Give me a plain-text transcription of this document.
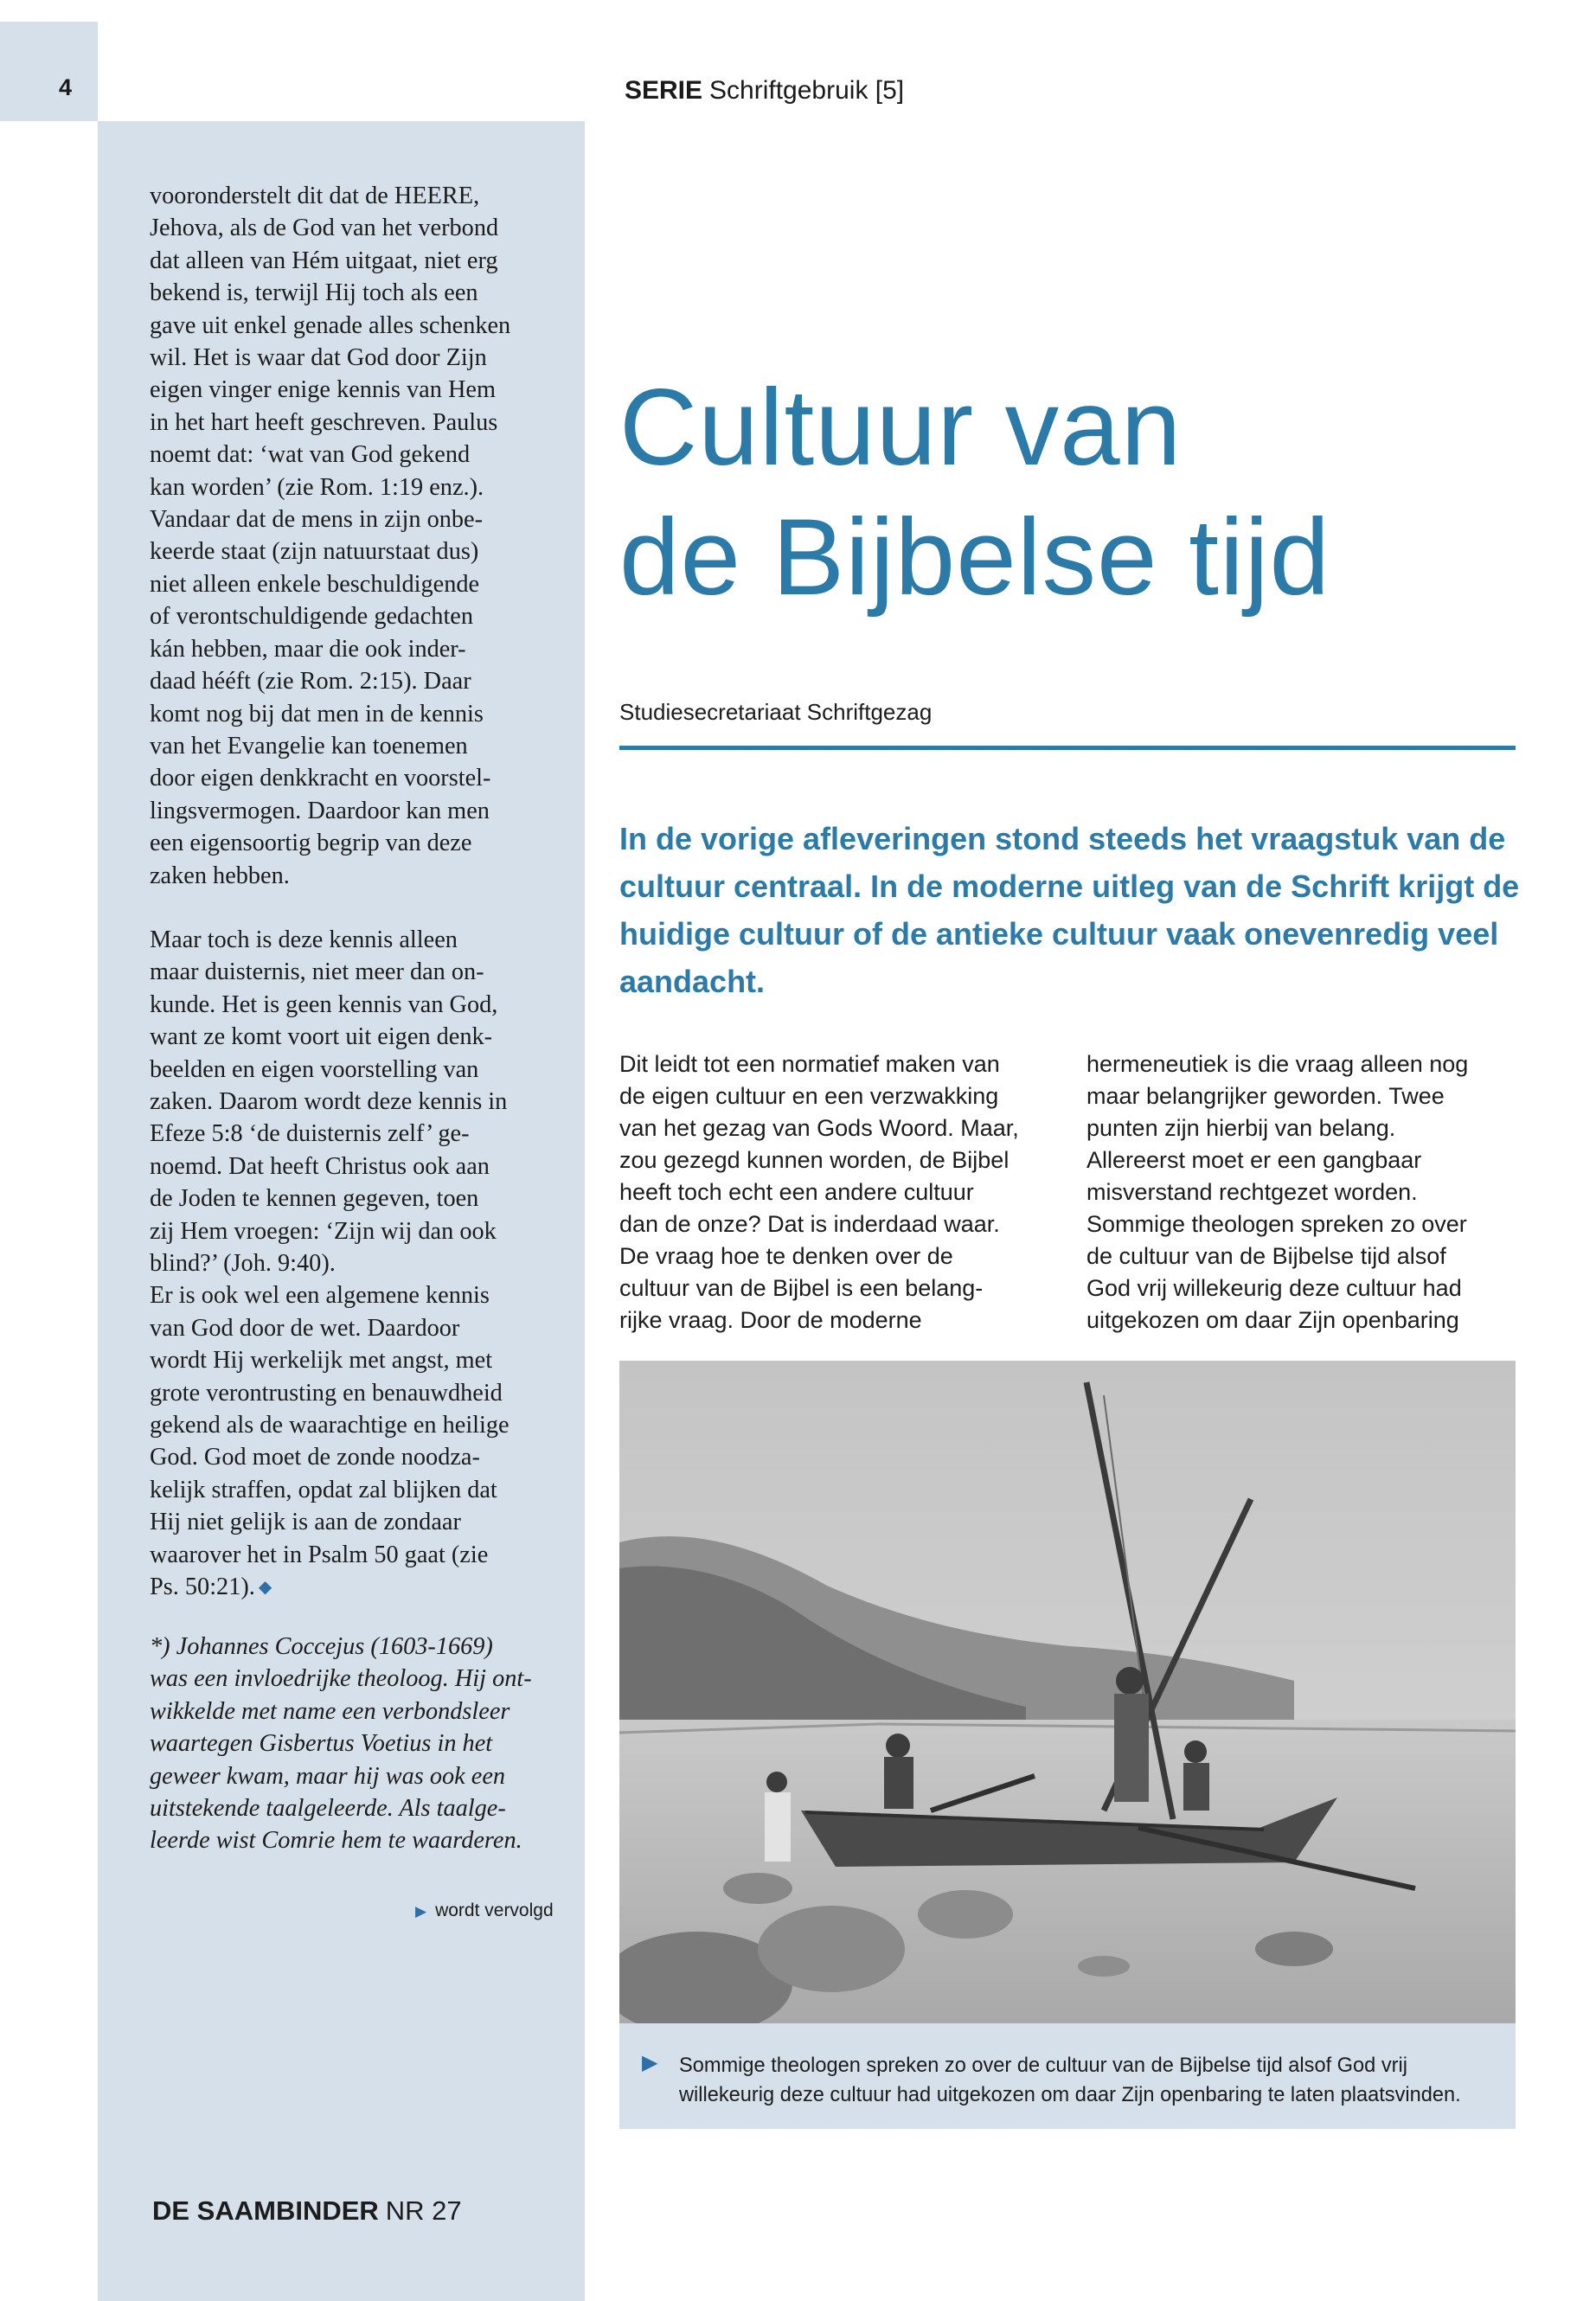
4	SERIE Schriftgebruik [5]

vooronderstelt dit dat de HEERE,
Jehova, als de God van het verbond
dat alleen van Hém uitgaat, niet erg
bekend is, terwijl Hij toch als een
gave uit enkel genade alles schenken
wil. Het is waar dat God door Zijn
eigen vinger enige kennis van Hem
in het hart heeft geschreven. Paulus
noemt dat: ‘wat van God gekend
kan worden’ (zie Rom. 1:19 enz.).
Vandaar dat de mens in zijn onbe-
keerde staat (zijn natuurstaat dus)
niet alleen enkele beschuldigende
of verontschuldigende gedachten
kán hebben, maar die ook inder-
daad hééft (zie Rom. 2:15). Daar
komt nog bij dat men in de kennis
van het Evangelie kan toenemen
door eigen denkkracht en voorstel-
lingsvermogen. Daardoor kan men
een eigensoortig begrip van deze
zaken hebben.

Maar toch is deze kennis alleen
maar duisternis, niet meer dan on-
kunde. Het is geen kennis van God,
want ze komt voort uit eigen denk-
beelden en eigen voorstelling van
zaken. Daarom wordt deze kennis in
Efeze 5:8 ‘de duisternis zelf’ ge-
noemd. Dat heeft Christus ook aan
de Joden te kennen gegeven, toen
zij Hem vroegen: ‘Zijn wij dan ook
blind?’ (Joh. 9:40).

Er is ook wel een algemene kennis
van God door de wet. Daardoor
wordt Hij werkelijk met angst, met
grote verontrusting en benauwdheid
gekend als de waarachtige en heilige
God. God moet de zonde noodza-
kelijk straffen, opdat zal blijken dat
Hij niet gelijk is aan de zondaar
waarover het in Psalm 50 gaat (zie
Ps. 50:21). ◆

*) Johannes Coccejus (1603-1669)
was een invloedrijke theoloog. Hij ont-
wikkelde met name een verbondsleer
waartegen Gisbertus Voetius in het
geweer kwam, maar hij was ook een
uitstekende taalgeleerde. Als taalge-
leerde wist Comrie hem te waarderen.

▶ wordt vervolgd
DE SAAMBINDER NR 27
Cultuur van
de Bijbelse tijd
Studiesecretariaat Schriftgezag
In de vorige afleveringen stond steeds het vraagstuk van de
cultuur centraal. In de moderne uitleg van de Schrift krijgt de
huidige cultuur of de antieke cultuur vaak onevenredig veel
aandacht.
Dit leidt tot een normatief maken van
de eigen cultuur en een verzwakking
van het gezag van Gods Woord. Maar,
zou gezegd kunnen worden, de Bijbel
heeft toch echt een andere cultuur
dan de onze? Dat is inderdaad waar.
De vraag hoe te denken over de
cultuur van de Bijbel is een belang-
rijke vraag. Door de moderne
hermeneutiek is die vraag alleen nog
maar belangrijker geworden. Twee
punten zijn hierbij van belang.
Allereerst moet er een gangbaar
misverstand rechtgezet worden.
Sommige theologen spreken zo over
de cultuur van de Bijbelse tijd alsof
God vrij willekeurig deze cultuur had
uitgekozen om daar Zijn openbaring
▶ Sommige theologen spreken zo over de cultuur van de Bijbelse tijd alsof God vrij
willekeurig deze cultuur had uitgekozen om daar Zijn openbaring te laten plaatsvinden.
